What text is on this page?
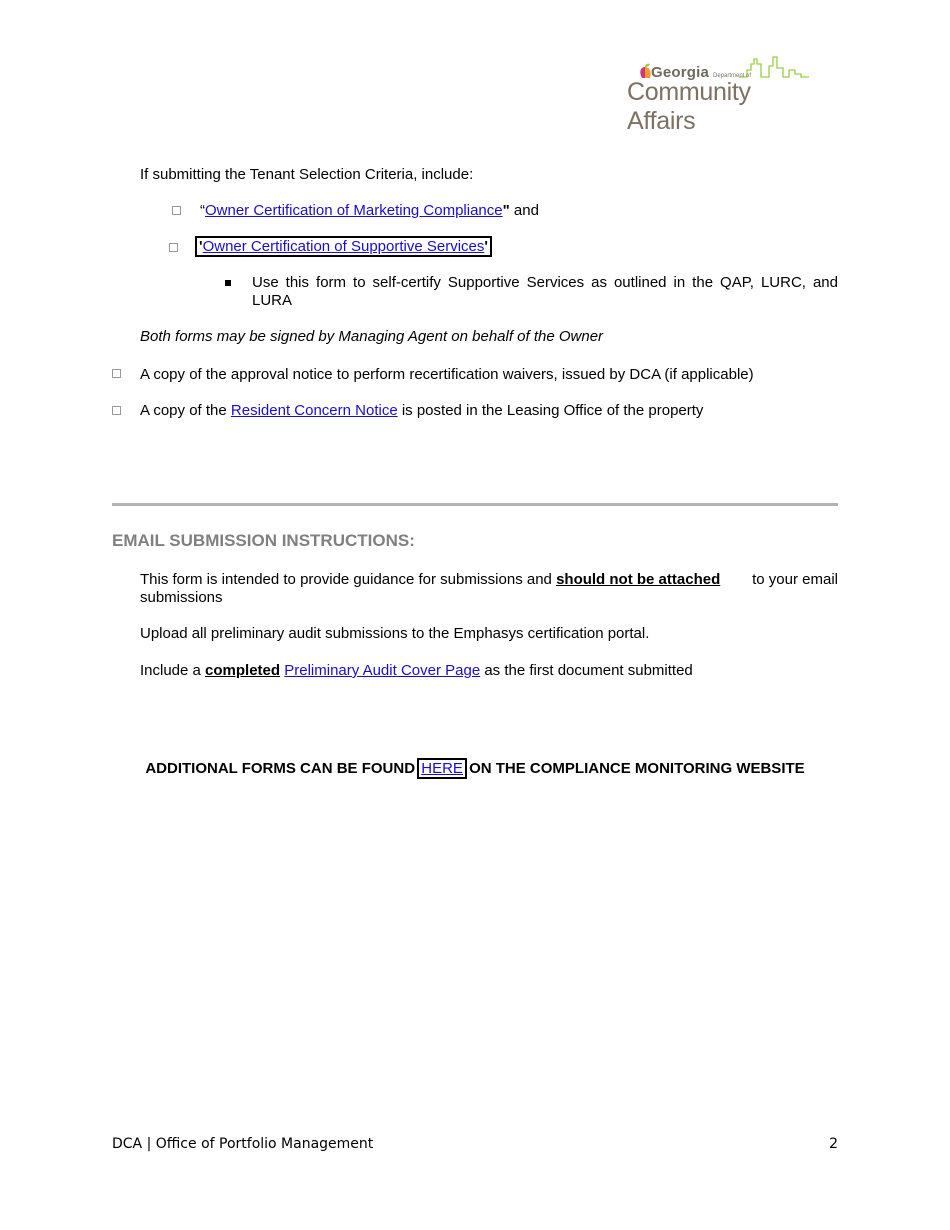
Georgia Department of
Community Affairs
If submitting the Tenant Selection Criteria, include:
“Owner Certification of Marketing Compliance" and
'Owner Certification of Supportive Services'
Use this form to self-certify Supportive Services as outlined in the QAP, LURC, and LURA
Both forms may be signed by Managing Agent on behalf of the Owner
A copy of the approval notice to perform recertification waivers, issued by DCA (if applicable)
A copy of the Resident Concern Notice is posted in the Leasing Office of the property
EMAIL SUBMISSION INSTRUCTIONS:
This form is intended to provide guidance for submissions and should not be attached to your email
submissions
Upload all preliminary audit submissions to the Emphasys certification portal.
Include a completed Preliminary Audit Cover Page as the first document submitted
ADDITIONAL FORMS CAN BE FOUND HERE ON THE COMPLIANCE MONITORING WEBSITE
DCA | Office of Portfolio Management	2
